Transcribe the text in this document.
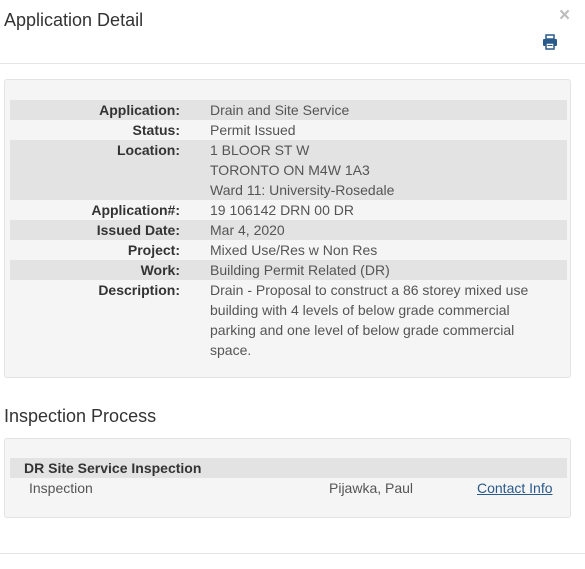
Application Detail	×
Application: Drain and Site Service
Status: Permit Issued
Location: 1 BLOOR ST W
TORONTO ON M4W 1A3
Ward 11: University-Rosedale
Application#: 19 106142 DRN 00 DR
Issued Date: Mar 4, 2020
Project: Mixed Use/Res w Non Res
Work: Building Permit Related (DR)
Description: Drain - Proposal to construct a 86 storey mixed use
building with 4 levels of below grade commercial
parking and one level of below grade commercial
space.
Inspection Process
DR Site Service Inspection
Inspection	Pijawka, Paul	Contact Info
